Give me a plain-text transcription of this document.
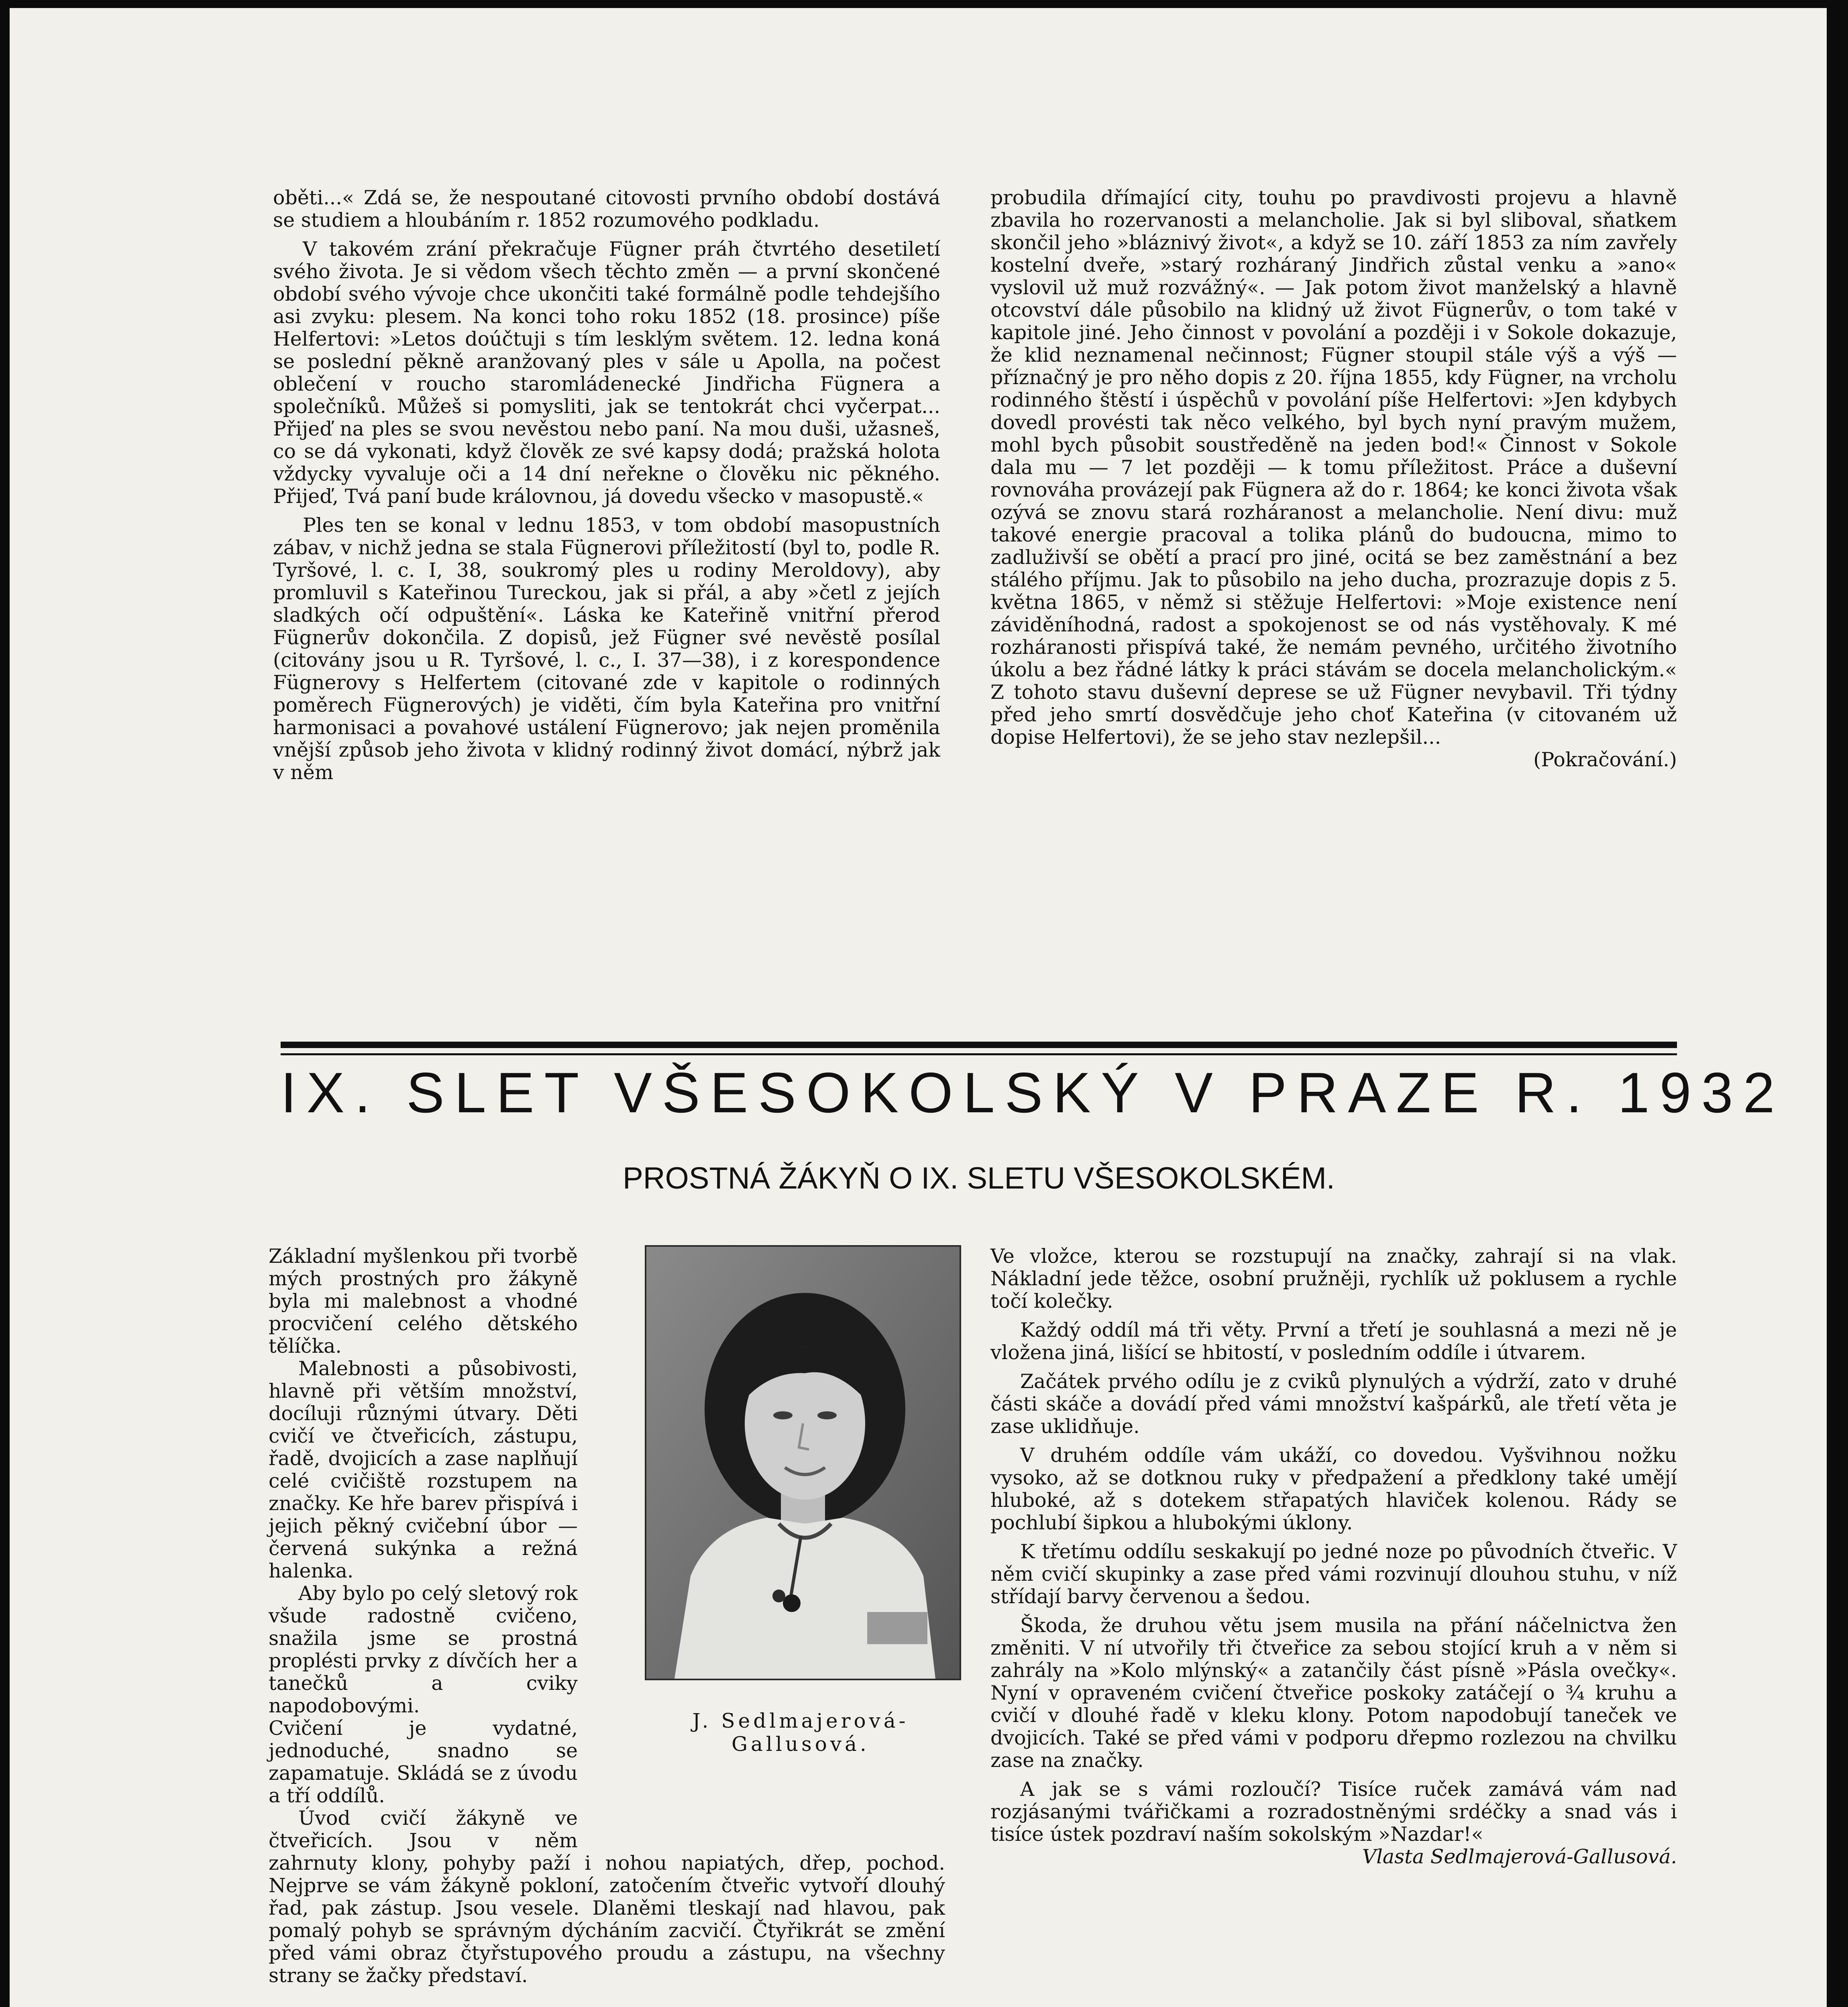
oběti...« Zdá se, že nespoutané citovosti prvního období dostává se studiem a hloubáním r. 1852 rozumového podkladu.

V takovém zrání překračuje Fügner práh čtvrtého desetiletí svého života. Je si vědom všech těchto změn — a první skončené období svého vývoje chce ukončiti také formálně podle tehdejšího asi zvyku: plesem. Na konci toho roku 1852 (18. prosince) píše Helfertovi: »Letos doúčtuji s tím lesklým světem. 12. ledna koná se poslední pěkně aranžovaný ples v sále u Apolla, na počest oblečení v roucho staromládenecké Jindřicha Fügnera a společníků. Můžeš si pomysliti, jak se tentokrát chci vyčerpat... Přijeď na ples se svou nevěstou nebo paní. Na mou duši, užasneš, co se dá vykonati, když člověk ze své kapsy dodá; pražská holota vždycky vyvaluje oči a 14 dní neřekne o člověku nic pěkného. Přijeď, Tvá paní bude královnou, já dovedu všecko v masopustě.«

Ples ten se konal v lednu 1853, v tom období masopustních zábav, v nichž jedna se stala Fügnerovi příležitostí (byl to, podle R. Tyršové, l. c. I, 38, soukromý ples u rodiny Meroldovy), aby promluvil s Kateřinou Tureckou, jak si přál, a aby »četl z jejích sladkých očí odpuštění«. Láska ke Kateřině vnitřní přerod Fügnerův dokončila. Z dopisů, jež Fügner své nevěstě posílal (citovány jsou u R. Tyršové, l. c., I. 37—38), i z korespondence Fügnerovy s Helfertem (citované zde v kapitole o rodinných poměrech Fügnerových) je viděti, čím byla Kateřina pro vnitřní harmonisaci a povahové ustálení Fügnerovo; jak nejen proměnila vnější způsob jeho života v klidný rodinný život domácí, nýbrž jak v něm

probudila dřímající city, touhu po pravdivosti projevu a hlavně zbavila ho rozervanosti a melancholie. Jak si byl sliboval, sňatkem skončil jeho »bláznivý život«, a když se 10. září 1853 za ním zavřely kostelní dveře, »starý rozháraný Jindřich zůstal venku a »ano« vyslovil už muž rozvážný«. — Jak potom život manželský a hlavně otcovství dále působilo na klidný už život Fügnerův, o tom také v kapitole jiné. Jeho činnost v povolání a později i v Sokole dokazuje, že klid neznamenal nečinnost; Fügner stoupil stále výš a výš — příznačný je pro něho dopis z 20. října 1855, kdy Fügner, na vrcholu rodinného štěstí i úspěchů v povolání píše Helfertovi: »Jen kdybych dovedl provésti tak něco velkého, byl bych nyní pravým mužem, mohl bych působit soustředěně na jeden bod!« Činnost v Sokole dala mu — 7 let později — k tomu příležitost. Práce a duševní rovnováha provázejí pak Fügnera až do r. 1864; ke konci života však ozývá se znovu stará rozháranost a melancholie. Není divu: muž takové energie pracoval a tolika plánů do budoucna, mimo to zadluživší se obětí a prací pro jiné, ocitá se bez zaměstnání a bez stálého příjmu. Jak to působilo na jeho ducha, prozrazuje dopis z 5. května 1865, v němž si stěžuje Helfertovi: »Moje existence není záviděníhodná, radost a spokojenost se od nás vystěhovaly. K mé rozháranosti přispívá také, že nemám pevného, určitého životního úkolu a bez řádné látky k práci stávám se docela melancholickým.« Z tohoto stavu duševní deprese se už Fügner nevybavil. Tři týdny před jeho smrtí dosvědčuje jeho choť Kateřina (v citovaném už dopise Helfertovi), že se jeho stav nezlepšil...

(Pokračování.)

IX. SLET VŠESOKOLSKÝ V PRAZE R. 1932
PROSTNÁ ŽÁKYŇ O IX. SLETU VŠESOKOLSKÉM.
J. Sedlmajerová-
Gallusová.

Základní myšlenkou při tvorbě mých prostných pro žákyně byla mi malebnost a vhodné procvičení celého dětského tělíčka.

Malebnosti a působivosti, hlavně při větším množství, docíluji různými útvary. Děti cvičí ve čtveřicích, zástupu, řadě, dvojicích a zase naplňují celé cvičiště rozstupem na značky. Ke hře barev přispívá i jejich pěkný cvičební úbor — červená sukýnka a režná halenka.

Aby bylo po celý sletový rok všude radostně cvičeno, snažila jsme se prostná proplésti prvky z dívčích her a tanečků a cviky napodobovými.

Cvičení je vydatné, jednoduché, snadno se zapamatuje. Skládá se z úvodu a tří oddílů.

Úvod cvičí žákyně ve čtveřicích. Jsou v něm zahrnuty klony, pohyby paží i nohou napiatých, dřep, pochod. Nejprve se vám žákyně pokloní, zatočením čtveřic vytvoří dlouhý řad, pak zástup. Jsou vesele. Dlaněmi tleskají nad hlavou, pak pomalý pohyb se správným dýcháním zacvičí. Čtyřikrát se změní před vámi obraz čtyřstupového proudu a zástupu, na všechny strany se žačky představí.

Ve vložce, kterou se rozstupují na značky, zahrají si na vlak. Nákladní jede těžce, osobní pružněji, rychlík už poklusem a rychle točí kolečky.

Každý oddíl má tři věty. První a třetí je souhlasná a mezi ně je vložena jiná, lišící se hbitostí, v posledním oddíle i útvarem.

Začátek prvého odílu je z cviků plynulých a výdrží, zato v druhé části skáče a dovádí před vámi množství kašpárků, ale třetí věta je zase uklidňuje.

V druhém oddíle vám ukáží, co dovedou. Vyšvihnou nožku vysoko, až se dotknou ruky v předpažení a předklony také umějí hluboké, až s dotekem střapatých hlaviček kolenou. Rády se pochlubí šipkou a hlubokými úklony.

K třetímu oddílu seskakují po jedné noze po původních čtveřic. V něm cvičí skupinky a zase před vámi rozvinují dlouhou stuhu, v níž střídají barvy červenou a šedou.

Škoda, že druhou větu jsem musila na přání náčelnictva žen změniti. V ní utvořily tři čtveřice za sebou stojící kruh a v něm si zahrály na »Kolo mlýnský« a zatančily část písně »Pásla ovečky«. Nyní v opraveném cvičení čtveřice poskoky zatáčejí o ¾ kruhu a cvičí v dlouhé řadě v kleku klony. Potom napodobují taneček ve dvojicích. Také se před vámi v podporu dřepmo rozlezou na chvilku zase na značky.

A jak se s vámi rozloučí? Tisíce ruček zamává vám nad rozjásanými tvářičkami a rozradostněnými srdéčky a snad vás i tisíce ústek pozdraví naším sokolským »Nazdar!«

Vlasta Sedlmajerová-Gallusová.
